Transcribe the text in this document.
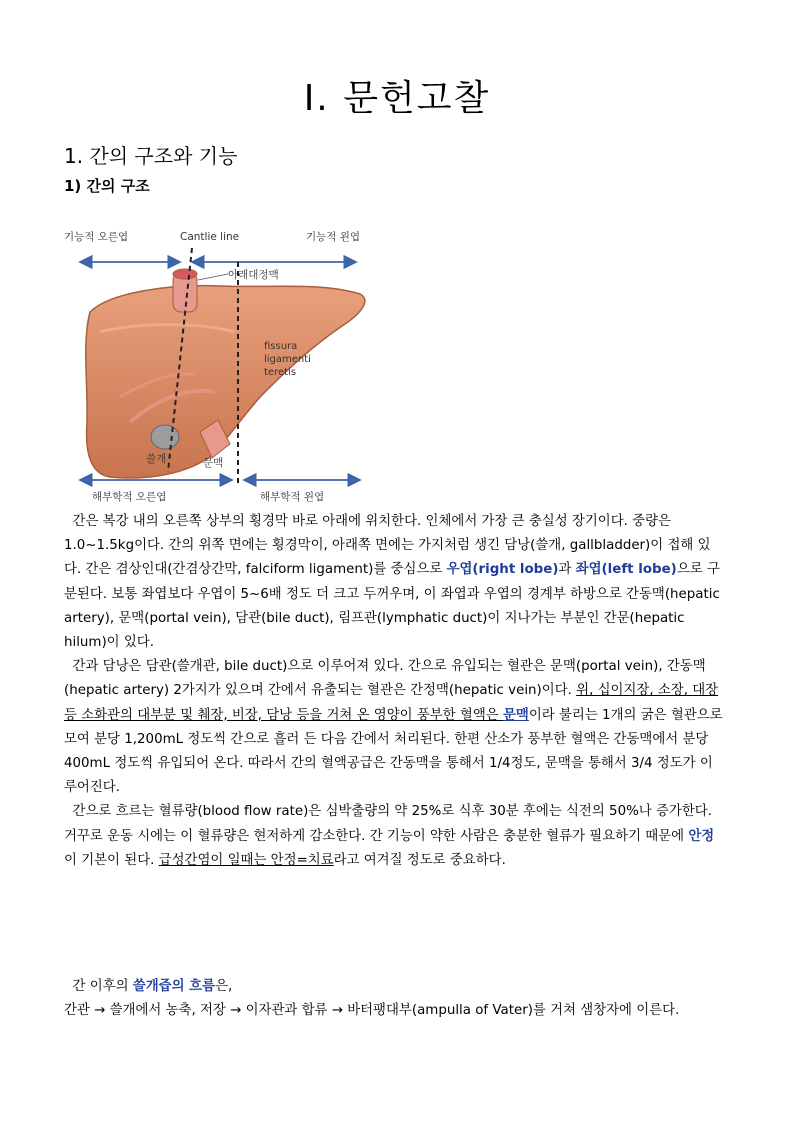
Ⅰ. 문헌고찰
1. 간의 구조와 기능
1) 간의 구조
기능적 오른엽	Cantlie line	기능적 왼엽
아래대정맥
fissura
ligamenti
teretis
쓸개	문맥
해부학적 오른엽	해부학적 왼엽
간은 복강 내의 오른쪽 상부의 횡경막 바로 아래에 위치한다. 인체에서 가장 큰 충실성 장기이다. 중량은 1.0~1.5kg이다. 간의 위쪽 면에는 횡경막이, 아래쪽 면에는 가지처럼 생긴 담낭(쓸개, gallbladder)이 접해 있다. 간은 겸상인대(간겸상간막, falciform ligament)를 중심으로 우엽(right lobe)과 좌엽(left lobe)으로 구분된다. 보통 좌엽보다 우엽이 5~6배 정도 더 크고 두꺼우며, 이 좌엽과 우엽의 경계부 하방으로 간동맥(hepatic artery), 문맥(portal vein), 담관(bile duct), 림프관(lymphatic duct)이 지나가는 부분인 간문(hepatic hilum)이 있다.
간과 담낭은 담관(쓸개관, bile duct)으로 이루어져 있다. 간으로 유입되는 혈관은 문맥(portal vein), 간동맥(hepatic artery) 2가지가 있으며 간에서 유출되는 혈관은 간정맥(hepatic vein)이다. 위, 십이지장, 소장, 대장 등 소화관의 대부분 및 췌장, 비장, 담낭 등을 거쳐 온 영양이 풍부한 혈액은 문맥이라 불리는 1개의 굵은 혈관으로 모여 분당 1,200mL 정도씩 간으로 흘러 든 다음 간에서 처리된다. 한편 산소가 풍부한 혈액은 간동맥에서 분당 400mL 정도씩 유입되어 온다. 따라서 간의 혈액공급은 간동맥을 통해서 1/4정도, 문맥을 통해서 3/4 정도가 이루어진다.
간으로 흐르는 혈류량(blood flow rate)은 심박출량의 약 25%로 식후 30분 후에는 식전의 50%나 증가한다. 거꾸로 운동 시에는 이 혈류량은 현저하게 감소한다. 간 기능이 약한 사람은 충분한 혈류가 필요하기 때문에 안정이 기본이 된다. 급성간염이 일때는 안정=치료라고 여겨질 정도로 중요하다.
간 이후의 쓸개즙의 흐름은,
간관 → 쓸개에서 농축, 저장 → 이자관과 합류 → 바터팽대부(ampulla of Vater)를 거쳐 샘창자에 이른다.
